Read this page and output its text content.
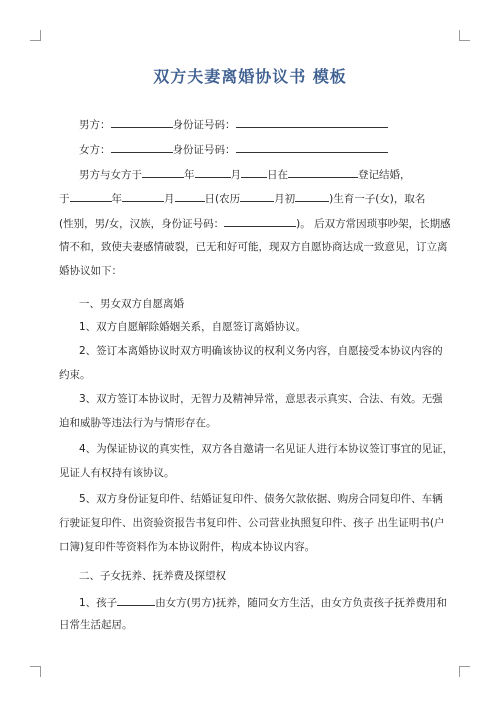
双方夫妻离婚协议书 模板
男方：	身份证号码：
女方：	身份证号码：
男方与女方于	年	月 日在	登记结婚，
于	年	月	日(农历	月初	)生育一子(女)，取名
(性别，男/女，汉族，身份证号码：	)。 后双方常因琐事吵架，长期感
情不和，致使夫妻感情破裂，已无和好可能，现双方自愿协商达成一致意见，订立离
婚协议如下：
一、男女双方自愿离婚
1、双方自愿解除婚姻关系，自愿签订离婚协议。
2、签订本离婚协议时双方明确该协议的权利义务内容，自愿接受本协议内容的
约束。
3、双方签订本协议时，无智力及精神异常，意思表示真实、合法、有效。无强
迫和威胁等违法行为与情形存在。
4、为保证协议的真实性，双方各自邀请一名见证人进行本协议签订事宜的见证，
见证人有权持有该协议。
5、双方身份证复印件、结婚证复印件、债务欠款依据、购房合同复印件、车辆
行驶证复印件、出资验资报告书复印件、公司营业执照复印件、孩子 出生证明书(户
口簿)复印件等资料作为本协议附件，构成本协议内容。
二、子女抚养、抚养费及探望权
1、孩子	由女方(男方)抚养，随同女方生活，由女方负责孩子抚养费用和
日常生活起居。
